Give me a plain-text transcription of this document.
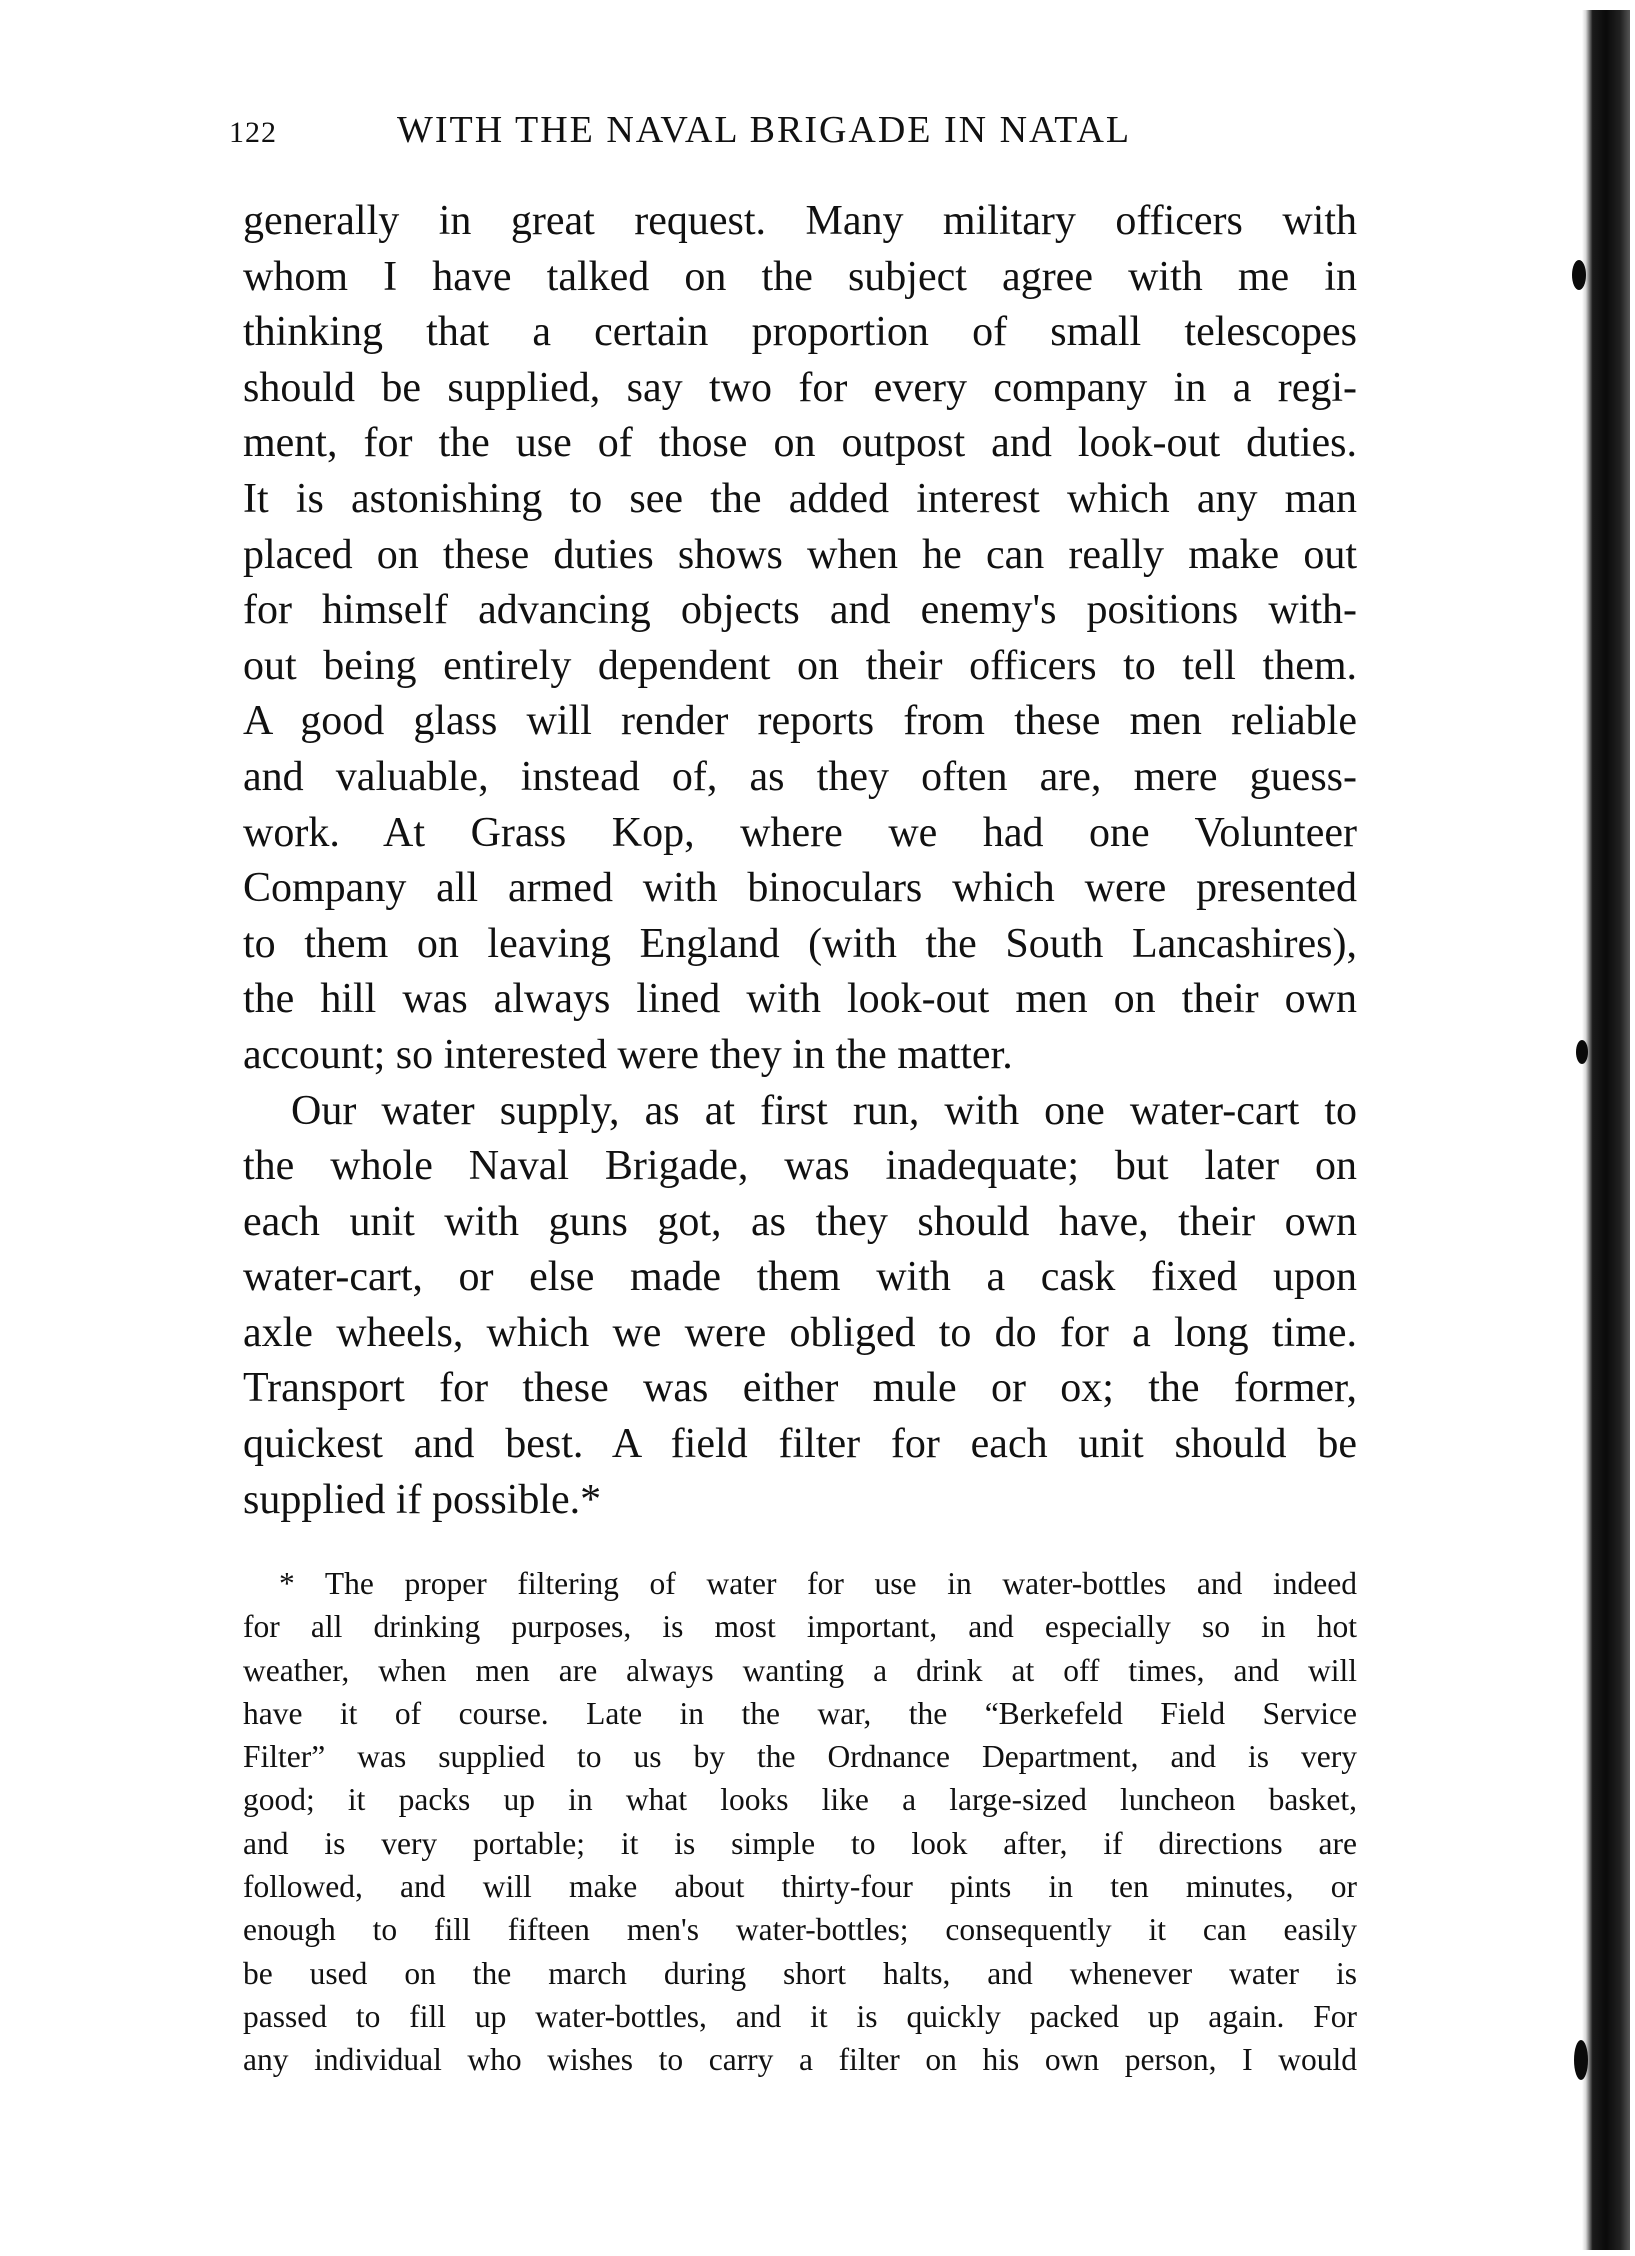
122	WITH THE NAVAL BRIGADE IN NATAL
generally in great request. Many military officers with
whom I have talked on the subject agree with me in
thinking that a certain proportion of small telescopes
should be supplied, say two for every company in a regi-
ment, for the use of those on outpost and look-out duties.
It is astonishing to see the added interest which any man
placed on these duties shows when he can really make out
for himself advancing objects and enemy's positions with-
out being entirely dependent on their officers to tell them.
A good glass will render reports from these men reliable
and valuable, instead of, as they often are, mere guess-
work. At Grass Kop, where we had one Volunteer
Company all armed with binoculars which were presented
to them on leaving England (with the South Lancashires),
the hill was always lined with look-out men on their own
account; so interested were they in the matter.
Our water supply, as at first run, with one water-cart to
the whole Naval Brigade, was inadequate; but later on
each unit with guns got, as they should have, their own
water-cart, or else made them with a cask fixed upon
axle wheels, which we were obliged to do for a long time.
Transport for these was either mule or ox; the former,
quickest and best. A field filter for each unit should be
supplied if possible.*
* The proper filtering of water for use in water-bottles and indeed
for all drinking purposes, is most important, and especially so in hot
weather, when men are always wanting a drink at off times, and will
have it of course. Late in the war, the “Berkefeld Field Service
Filter” was supplied to us by the Ordnance Department, and is very
good; it packs up in what looks like a large-sized luncheon basket,
and is very portable; it is simple to look after, if directions are
followed, and will make about thirty-four pints in ten minutes, or
enough to fill fifteen men's water-bottles; consequently it can easily
be used on the march during short halts, and whenever water is
passed to fill up water-bottles, and it is quickly packed up again. For
any individual who wishes to carry a filter on his own person, I would
